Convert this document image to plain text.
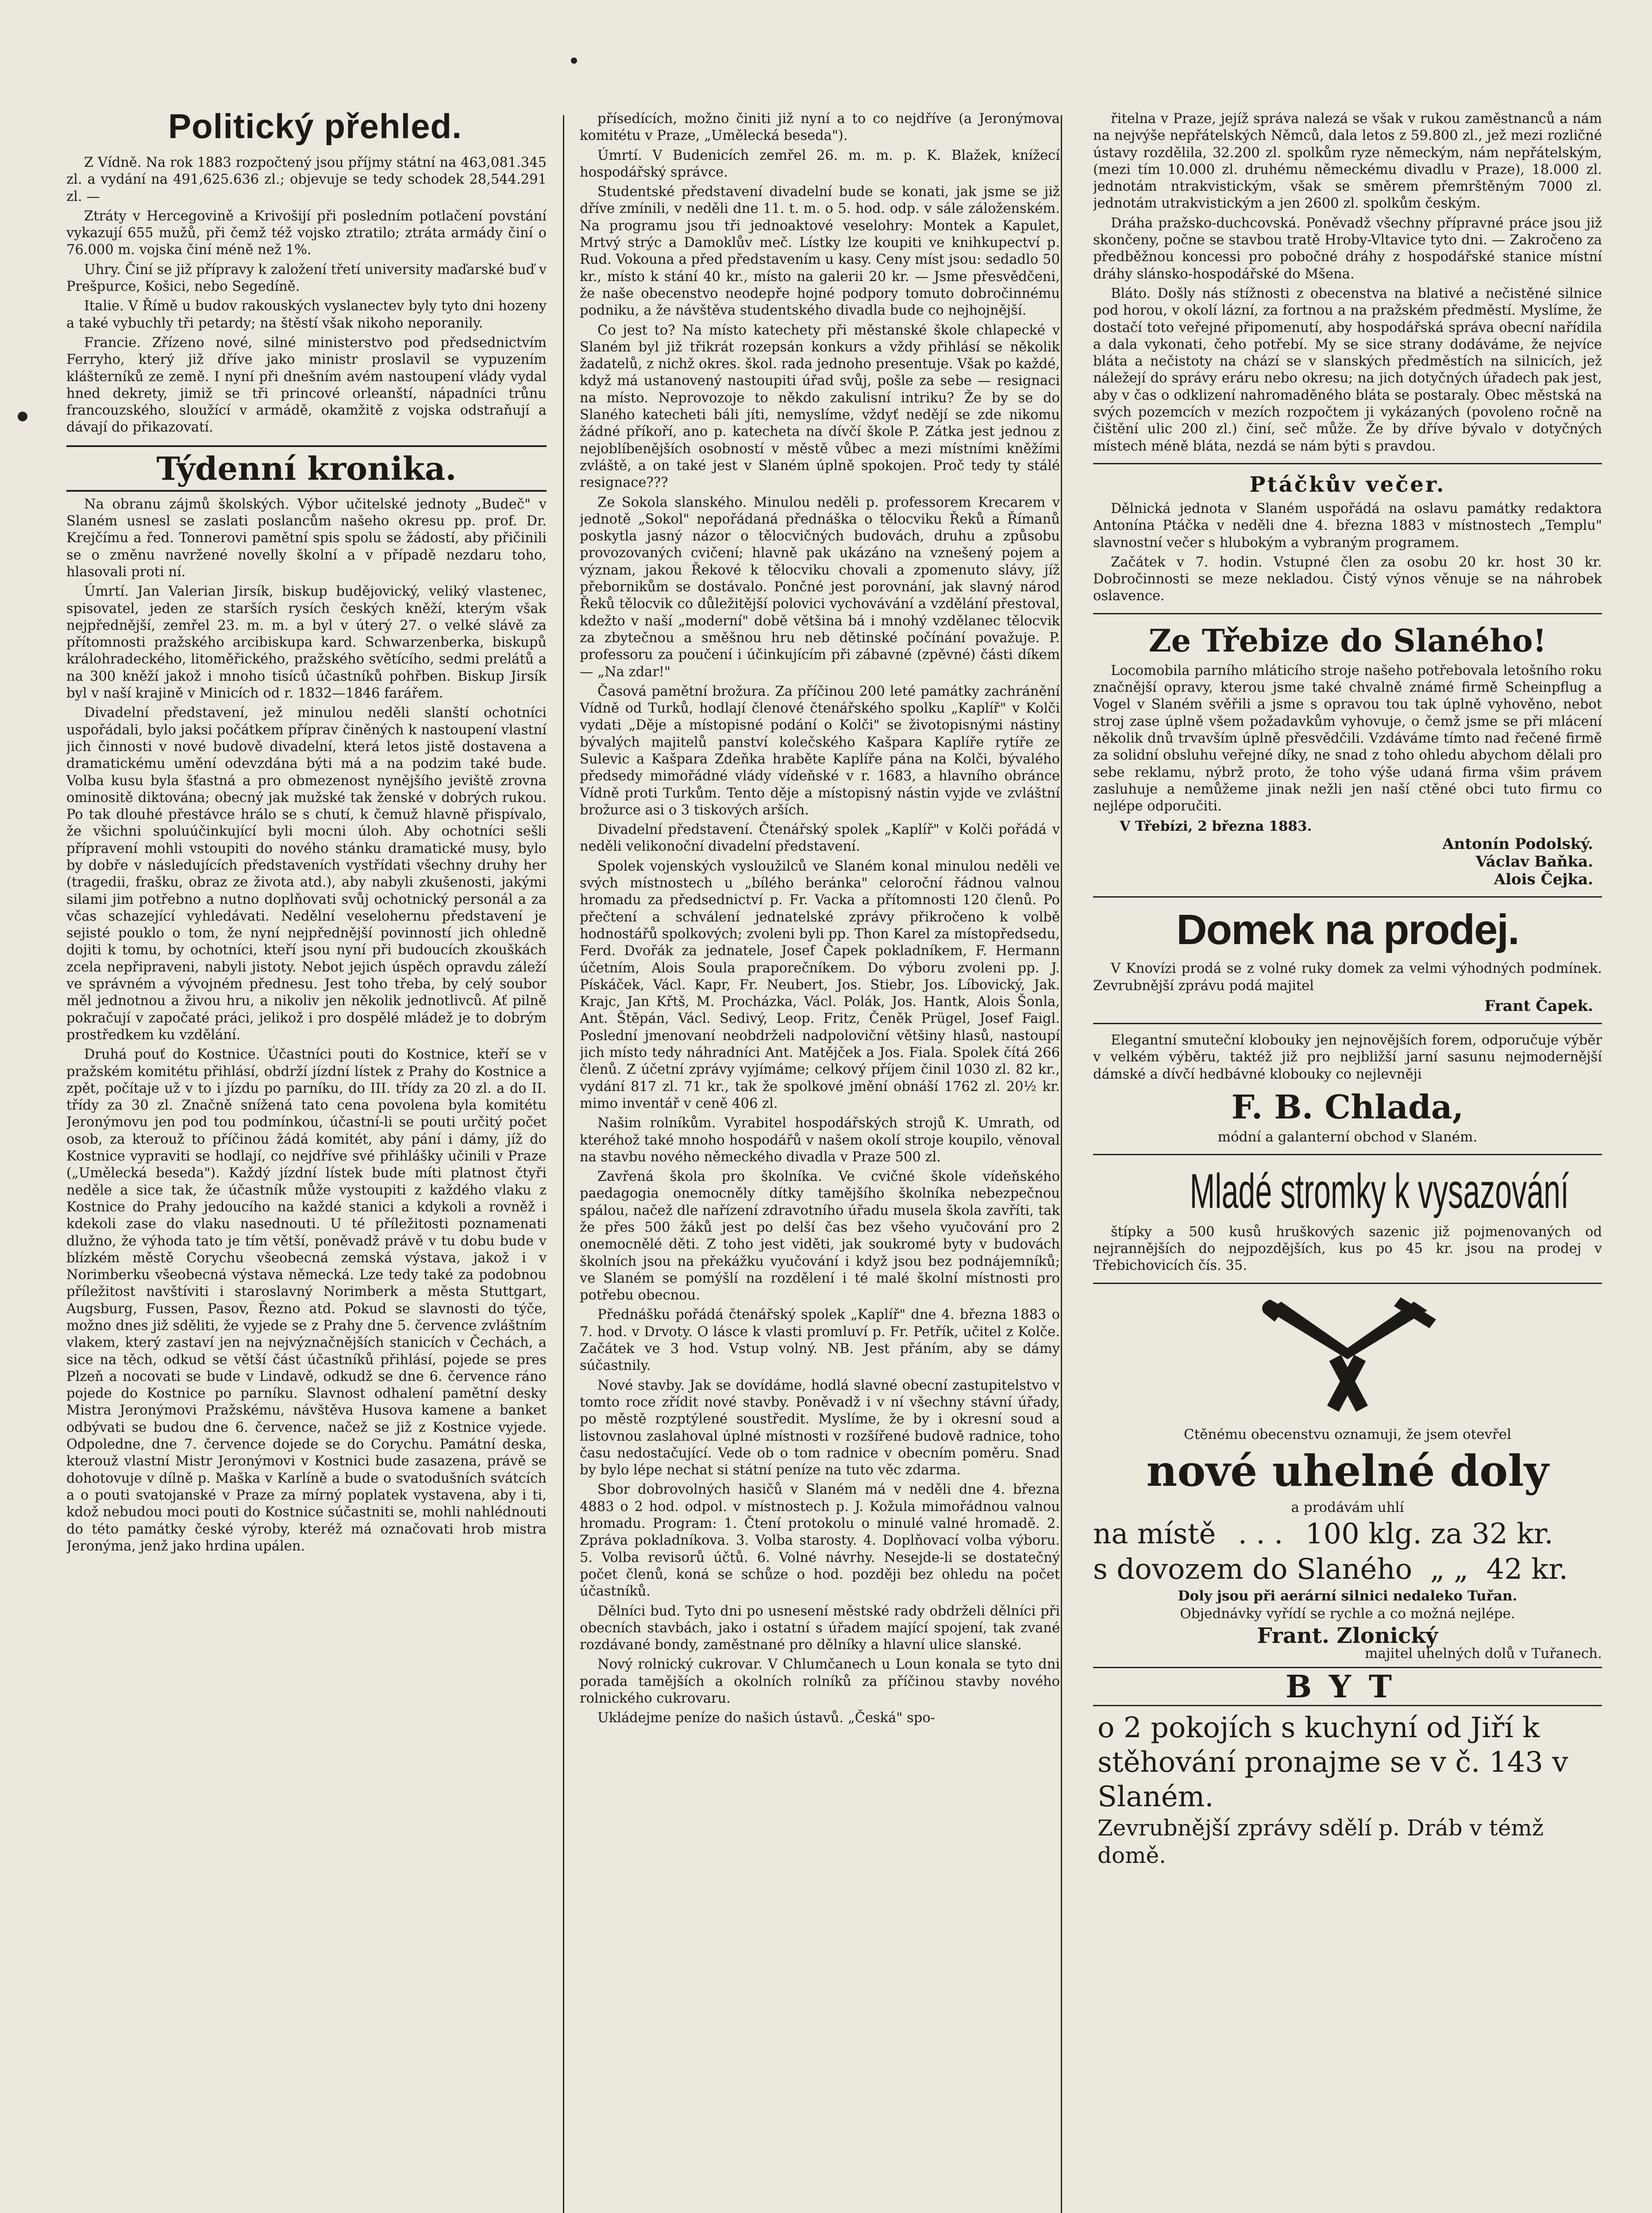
Politický přehled.

Z Vídně. Na rok 1883 rozpočtený jsou příjmy státní na 463,081.345 zl. a vydání na 491,625.636 zl.; objevuje se tedy schodek 28,544.291 zl. —

Ztráty v Hercegovině a Krivošijí při posledním potlačení povstání vykazují 655 mužů, při čemž též vojsko ztratilo; ztráta armády činí o 76.000 m. vojska činí méně než 1%.

Uhry. Činí se již přípravy k založení třetí university maďarské buď v Prešpurce, Košici, nebo Segedíně.

Italie. V Římě u budov rakouských vyslanectev byly tyto dni hozeny a také vybuchly tři petardy; na štěstí však nikoho neporanily.

Francie. Zřízeno nové, silné ministerstvo pod předsednictvím Ferryho, který již dříve jako ministr proslavil se vypuzením klášterníků ze země. I nyní při dnešním avém nastoupení vlády vydal hned dekrety, jimiž se tři princové orleanští, nápadníci trůnu francouzského, sloužící v armádě, okamžitě z vojska odstraňují a dávají do přikazovatí.

Týdenní kronika.

Na obranu zájmů školských. Výbor učitelské jednoty „Budeč" v Slaném usnesl se zaslati poslancům našeho okresu pp. prof. Dr. Krejčímu a řed. Tonnerovi pamětní spis spolu se žádostí, aby přičinili se o změnu navržené novelly školní a v případě nezdaru toho, hlasovali proti ní.

Úmrtí. Jan Valerian Jirsík, biskup budějovický, veliký vlastenec, spisovatel, jeden ze starších rysích českých kněží, kterým však nejpřednější, zemřel 23. m. m. a byl v úterý 27. o velké slávě za přítomnosti pražského arcibiskupa kard. Schwarzenberka, biskupů králohradeckého, litoměřického, pražského světícího, sedmi prelátů a na 300 kněží jakož i mnoho tisíců účastníků pohřben. Biskup Jirsík byl v naší krajině v Minicích od r. 1832—1846 farářem.

Divadelní představení, jež minulou neděli slanští ochotníci uspořádali, bylo jaksi počátkem příprav činěných k nastoupení vlastní jich činnosti v nové budově divadelní, která letos jistě dostavena a dramatickému umění odevzdána býti má a na podzim také bude. Volba kusu byla šťastná a pro obmezenost nynějšího jeviště zrovna ominositě diktována; obecný jak mužské tak ženské v dobrých rukou. Po tak dlouhé přestávce hrálo se s chutí, k čemuž hlavně přispívalo, že všichni spoluúčinkující byli mocni úloh. Aby ochotníci sešli přípravení mohli vstoupiti do nového stánku dramatické musy, bylo by dobře v následujících představeních vystřídati všechny druhy her (tragedii, frašku, obraz ze života atd.), aby nabyli zkušenosti, jakými silami jim potřebno a nutno doplňovati svůj ochotnický personál a za včas schazející vyhledávati. Nedělní veselohernu představení je sejisté pouklo o tom, že nyní nejpřednější povinností jich ohledně dojiti k tomu, by ochotníci, kteří jsou nyní při budoucích zkouškách zcela nepřipraveni, nabyli jistoty. Nebot jejich úspěch opravdu záleží ve správném a vývojném přednesu. Jest toho třeba, by celý soubor měl jednotnou a živou hru, a nikoliv jen několik jednotlivců. Ať pilně pokračují v započaté práci, jelikož i pro dospělé mládež je to dobrým prostředkem ku vzdělání.

Druhá pouť do Kostnice. Účastníci pouti do Kostnice, kteří se v pražském komitétu přihlásí, obdrží jízdní lístek z Prahy do Kostnice a zpět, počítaje už v to i jízdu po parníku, do III. třídy za 20 zl. a do II. třídy za 30 zl. Značně snížená tato cena povolena byla komitétu Jeronýmovu jen pod tou podmínkou, účastní-li se pouti určitý počet osob, za kterouž to příčinou žádá komitét, aby pání i dámy, jíž do Kostnice vypraviti se hodlají, co nejdříve své přihlášky učinili v Praze („Umělecká beseda"). Každý jízdní lístek bude míti platnost čtyři neděle a sice tak, že účastník může vystoupiti z každého vlaku z Kostnice do Prahy jedoucího na každé stanici a kdykoli a rovněž i kdekoli zase do vlaku nasednouti. U té příležitosti poznamenati dlužno, že výhoda tato je tím větší, poněvadž právě v tu dobu bude v blízkém městě Corychu všeobecná zemská výstava, jakož i v Norimberku všeobecná výstava německá. Lze tedy také za podobnou příležitost navštíviti i staroslavný Norimberk a města Stuttgart, Augsburg, Fussen, Pasov, Řezno atd. Pokud se slavnosti do týče, možno dnes již sděliti, že vyjede se z Prahy dne 5. července zvláštním vlakem, který zastaví jen na nejvýznačnějších stanicích v Čechách, a sice na těch, odkud se větší část účastníků přihlásí, pojede se pres Plzeň a nocovati se bude v Lindavě, odkudž se dne 6. července ráno pojede do Kostnice po parníku. Slavnost odhalení pamětní desky Mistra Jeronýmovi Pražskému, návštěva Husova kamene a banket odbývati se budou dne 6. července, načež se již z Kostnice vyjede. Odpoledne, dne 7. července dojede se do Corychu. Památní deska, kterouž vlastní Mistr Jeronýmovi v Kostnici bude zasazena, právě se dohotovuje v dílně p. Maška v Karlíně a bude o svatodušních svátcích a o pouti svatojanské v Praze za mírný poplatek vystavena, aby i ti, kdož nebudou moci pouti do Kostnice súčastniti se, mohli nahlédnouti do této památky české výroby, kteréž má označovati hrob mistra Jeronýma, jenž jako hrdina upálen.

přísedících, možno činiti již nyní a to co nejdříve (a Jeronýmova komitétu v Praze, „Umělecká beseda").

Úmrtí. V Budenicích zemřel 26. m. m. p. K. Blažek, knížecí hospodářský správce.

Studentské představení divadelní bude se konati, jak jsme se již dříve zmínili, v neděli dne 11. t. m. o 5. hod. odp. v sále záloženském. Na programu jsou tři jednoaktové veselohry: Montek a Kapulet, Mrtvý strýc a Damoklův meč. Lístky lze koupiti ve knihkupectví p. Rud. Vokouna a před představením u kasy. Ceny míst jsou: sedadlo 50 kr., místo k stání 40 kr., místo na galerii 20 kr. — Jsme přesvědčeni, že naše obecenstvo neodepře hojné podpory tomuto dobročinnému podniku, a že návštěva studentského divadla bude co nejhojnější.

Co jest to? Na místo katechety při městanské škole chlapecké v Slaném byl již třikrát rozepsán konkurs a vždy přihlásí se několik žadatelů, z nichž okres. škol. rada jednoho presentuje. Však po každé, když má ustanovený nastoupiti úřad svůj, pošle za sebe — resignaci na místo. Neprovozoje to někdo zakulisní intriku? Že by se do Slaného katecheti báli jíti, nemyslíme, vždyť nedějí se zde nikomu žádné příkoří, ano p. katecheta na dívčí škole P. Zátka jest jednou z nejoblíbenějších osobností v městě vůbec a mezi místními kněžími zvláště, a on také jest v Slaném úplně spokojen. Proč tedy ty stálé resignace???

Ze Sokola slanského. Minulou neděli p. professorem Krecarem v jednotě „Sokol" nepořádaná přednáška o tělocviku Řeků a Římanů poskytla jasný názor o tělocvičných budovách, druhu a způsobu provozovaných cvičení; hlavně pak ukázáno na vznešený pojem a význam, jakou Řekové k tělocviku chovali a zpomenuto slávy, jíž přebornikům se dostávalo. Pončné jest porovnání, jak slavný národ Řeků tělocvik co důležitější polovici vychovávání a vzdělání přestoval, kdežto v naší „moderní" době většina bá i mnohý vzdělanec tělocvik za zbytečnou a směšnou hru neb dětinské počínání považuje. P. professoru za poučení i účinkujícím při zábavné (zpěvné) části díkem — „Na zdar!"

Časová pamětní brožura. Za příčinou 200 leté památky zachránění Vídně od Turků, hodlají členové čtenářského spolku „Kaplíř" v Kolči vydati „Děje a místopisné podání o Kolči" se životopisnými nástiny bývalých majitelů panství kolečského Kašpara Kaplíře rytíře ze Sulevic a Kašpara Zdeňka hraběte Kaplíře pána na Kolči, bývalého předsedy mimořádné vlády vídeňské v r. 1683, a hlavního obránce Vídně proti Turkům. Tento děje a místopisný nástin vyjde ve zvláštní brožurce asi o 3 tiskových arších.

Divadelní představení. Čtenářský spolek „Kaplíř" v Kolči pořádá v neděli velikonoční divadelní představení.

Spolek vojenských vysloužilců ve Slaném konal minulou neděli ve svých místnostech u „bílého beránka" celoroční řádnou valnou hromadu za předsednictví p. Fr. Vacka a přítomnosti 120 členů. Po přečtení a schválení jednatelské zprávy přikročeno k volbě hodnostářů spolkových; zvoleni byli pp. Thon Karel za místopředsedu, Ferd. Dvořák za jednatele, Josef Čapek pokladníkem, F. Hermann účetním, Alois Soula praporečníkem. Do výboru zvoleni pp. J. Pískáček, Václ. Kapr, Fr. Neubert, Jos. Stiebr, Jos. Líbovický, Jak. Krajc, Jan Křtš, M. Procházka, Václ. Polák, Jos. Hantk, Alois Šonla, Ant. Štěpán, Václ. Sedivý, Leop. Fritz, Čeněk Prügel, Josef Faigl. Poslední jmenovaní neobdrželi nadpoloviční většiny hlasů, nastoupí jich místo tedy náhradníci Ant. Matějček a Jos. Fiala. Spolek čítá 266 členů. Z účetní zprávy vyjímáme; celkový příjem činil 1030 zl. 82 kr., vydání 817 zl. 71 kr., tak že spolkové jmění obnáší 1762 zl. 20½ kr. mimo inventář v ceně 406 zl.

Našim rolníkům. Vyrabitel hospodářských strojů K. Umrath, od kteréhož také mnoho hospodářů v našem okolí stroje koupilo, věnoval na stavbu nového německého divadla v Praze 500 zl.

Zavřená škola pro školníka. Ve cvičné škole vídeňského paedagogia onemocněly dítky tamějšího školníka nebezpečnou spálou, načež dle nařízení zdravotního úřadu musela škola zavříti, tak že přes 500 žáků jest po delší čas bez všeho vyučování pro 2 onemocnělé děti. Z toho jest viděti, jak soukromé byty v budovách školních jsou na překážku vyučování i když jsou bez podnájemníků; ve Slaném se pomýšlí na rozdělení i té malé školní místnosti pro potřebu obecnou.

Přednášku pořádá čtenářský spolek „Kaplíř" dne 4. března 1883 o 7. hod. v Drvoty. O lásce k vlasti promluví p. Fr. Petřík, učitel z Kolče. Začátek ve 3 hod. Vstup volný. NB. Jest přáním, aby se dámy súčastnily.

Nové stavby. Jak se dovídáme, hodlá slavné obecní zastupitelstvo v tomto roce zřídit nové stavby. Poněvadž i v ní všechny stávní úřady, po městě rozptýlené soustředit. Myslíme, že by i okresní soud a listovnou zaslahoval úplné místnosti v rozšířené budově radnice, toho času nedostačující. Vede ob o tom radnice v obecním poměru. Snad by bylo lépe nechat si státní peníze na tuto věc zdarma.

Sbor dobrovolných hasičů v Slaném má v neděli dne 4. března 4883 o 2 hod. odpol. v místnostech p. J. Kožula mimořádnou valnou hromadu. Program: 1. Čtení protokolu o minulé valné hromadě. 2. Zpráva pokladníkova. 3. Volba starosty. 4. Doplňovací volba výboru. 5. Volba revisorů účtů. 6. Volné návrhy. Nesejde-li se dostatečný počet členů, koná se schůze o hod. později bez ohledu na počet účastníků.

Dělníci bud. Tyto dni po usnesení městské rady obdrželi dělníci při obecních stavbách, jako i ostatní s úřadem mající spojení, tak zvané rozdávané bondy, zaměstnané pro dělníky a hlavní ulice slanské.

Nový rolnický cukrovar. V Chlumčanech u Loun konala se tyto dni porada tamějších a okolních rolníků za příčinou stavby nového rolnického cukrovaru.

Ukládejme peníze do našich ústavů. „Česká" spo-

řitelna v Praze, jejíž správa nalezá se však v rukou zaměstnanců a nám na nejvýše nepřátelských Němců, dala letos z 59.800 zl., jež mezi rozličné ústavy rozdělila, 32.200 zl. spolkům ryze německým, nám nepřátelským, (mezi tím 10.000 zl. druhému německému divadlu v Praze), 18.000 zl. jednotám ntrakvistickým, však se směrem přemrštěným 7000 zl. jednotám utrakvistickým a jen 2600 zl. spolkům českým.

Dráha pražsko-duchcovská. Poněvadž všechny přípravné práce jsou již skončeny, počne se stavbou tratě Hroby-Vltavice tyto dni. — Zakročeno za předběžnou koncessi pro pobočné dráhy z hospodářské stanice místní dráhy slánsko-hospodářské do Mšena.

Bláto. Došly nás stížnosti z obecenstva na blativé a nečistěné silnice pod horou, v okolí lázní, za fortnou a na pražském předměstí. Myslíme, že dostačí toto veřejné připomenutí, aby hospodářská správa obecní nařídila a dala vykonati, čeho potřebí. My se sice strany dodáváme, že nejvíce bláta a nečistoty na chází se v slanských předměstích na silnicích, jež náležejí do správy eráru nebo okresu; na jich dotyčných úřadech pak jest, aby v čas o odklizení nahromaděného bláta se postaraly. Obec městská na svých pozemcích v mezích rozpočtem ji vykázaných (povoleno ročně na čištění ulic 200 zl.) činí, seč může. Že by dříve bývalo v dotyčných místech méně bláta, nezdá se nám býti s pravdou.

Ptáčkův večer.

Dělnická jednota v Slaném uspořádá na oslavu památky redaktora Antonína Ptáčka v neděli dne 4. března 1883 v místnostech „Templu" slavnostní večer s hlubokým a vybraným programem.

Začátek v 7. hodin. Vstupné člen za osobu 20 kr. host 30 kr. Dobročinnosti se meze nekladou. Čistý výnos věnuje se na náhrobek oslavence.

Ze Třebize do Slaného!

Locomobila parního mláticího stroje našeho potřebovala letošního roku značnější opravy, kterou jsme také chvalně známé firmě Scheinpflug a Vogel v Slaném svěřili a jsme s opravou tou tak úplně vyhověno, nebot stroj zase úplně všem požadavkům vyhovuje, o čemž jsme se při mlácení několik dnů trvavším úplně přesvědčili. Vzdáváme tímto nad řečené firmě za solidní obsluhu veřejné díky, ne snad z toho ohledu abychom dělali pro sebe reklamu, nýbrž proto, že toho výše udaná firma všim právem zasluhuje a nemůžeme jinak nežli jen naší ctěné obci tuto firmu co nejlépe odporučiti.

V Třebízi, 2 března 1883.

Antonín Podolský.

Václav Baňka.

Alois Čejka.

Domek na prodej.

V Knovízi prodá se z volné ruky domek za velmi výhodných podmínek. Zevrubnější zprávu podá majitel

Frant Čapek.

Elegantní smuteční klobouky jen nejnovějších forem, odporučuje výběr v velkém výběru, taktéž již pro nejbližší jarní sasunu nejmodernější dámské a dívčí hedbávné klobouky co nejlevněji

F. B. Chlada,

módní a galanterní obchod v Slaném.

Mladé stromky k vysazování

štípky a 500 kusů hruškových sazenic již pojmenovaných od nejrannějších do nejpozdějších, kus po 45 kr. jsou na prodej v Třebichovicích čís. 35.

Ctěnému obecenstvu oznamuji, že jsem otevřel

nové uhelné doly

a prodávám uhlí

na místě . . . 100 klg. za 32 kr.

s dovozem do Slaného „ „ 42 kr.

Doly jsou při aerární silnici nedaleko Tuřan.

Objednávky vyřídí se rychle a co možná nejlépe.

Frant. Zlonický

majitel uhelných dolů v Tuřanech.

BYT

o 2 pokojích s kuchyní od Jiří k stěhování pronajme se v č. 143 v Slaném.

Zevrubnější zprávy sdělí p. Dráb v témž domě.
